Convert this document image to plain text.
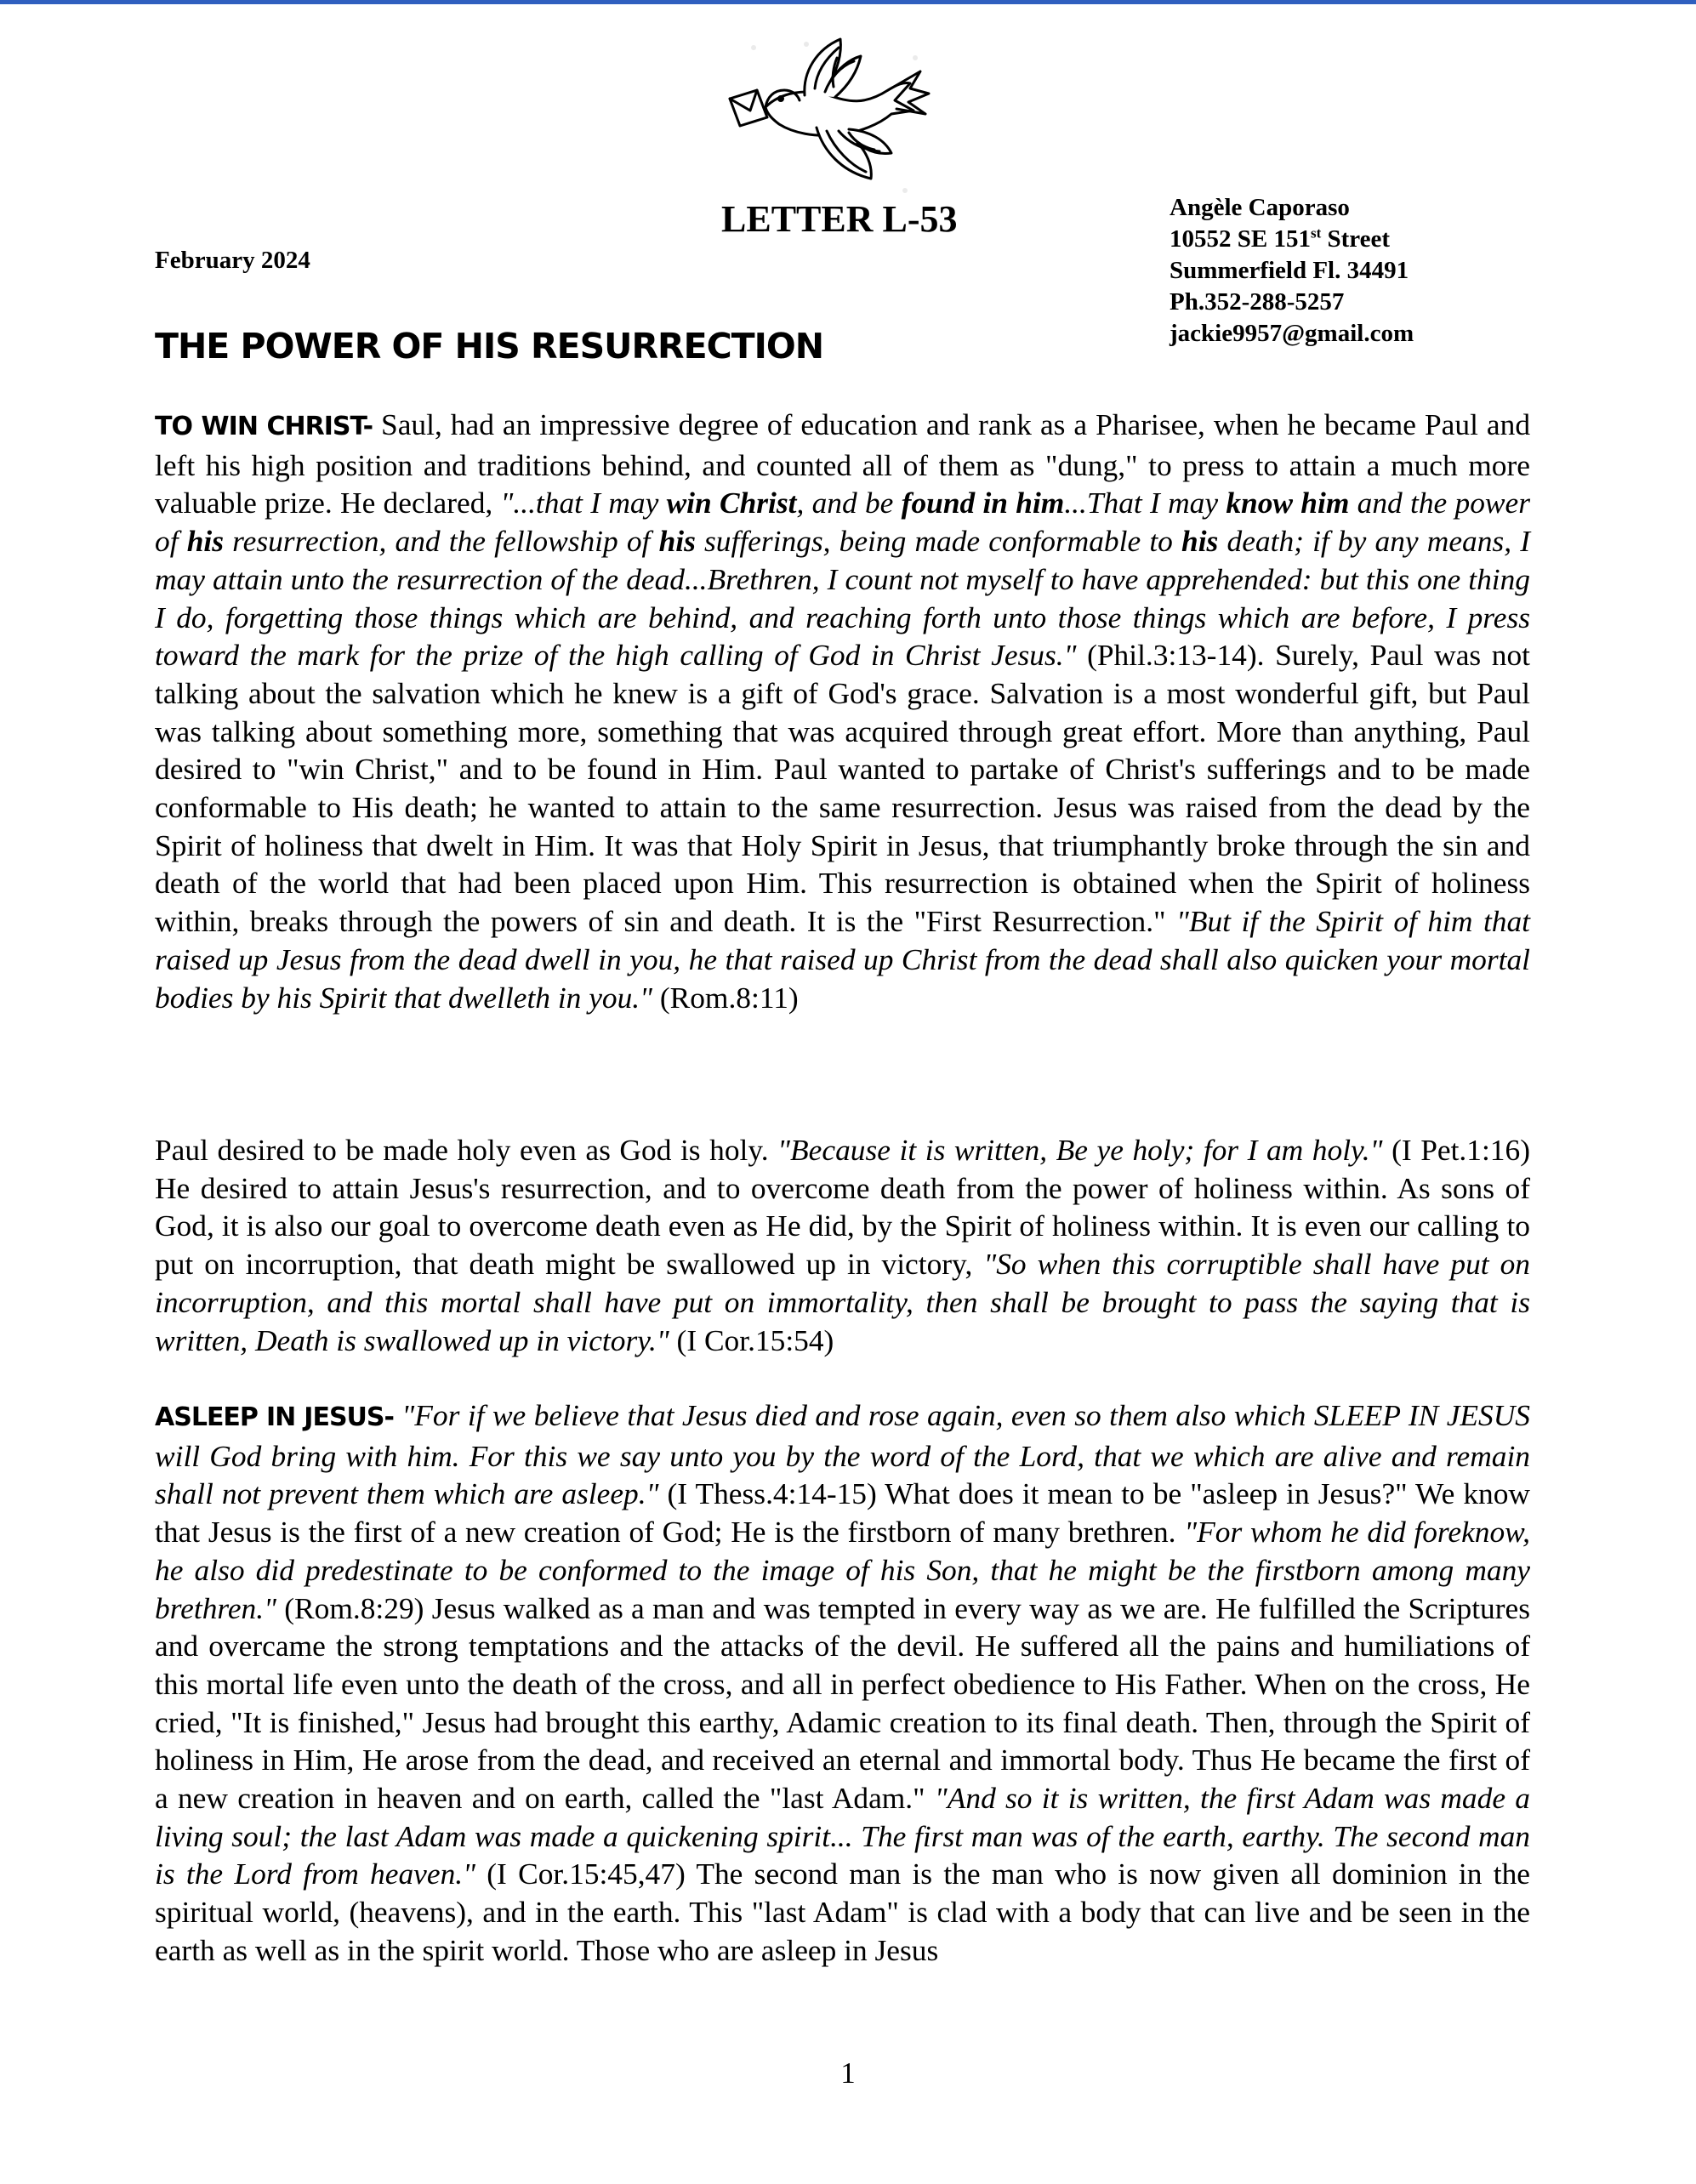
LETTER L-53
February 2024
Angèle Caporaso
10552 SE 151st Street
Summerfield Fl. 34491
Ph.352-288-5257
jackie9957@gmail.com
THE POWER OF HIS RESURRECTION
TO WIN CHRIST- Saul, had an impressive degree of education and rank as a Pharisee, when he became Paul and left his high position and traditions behind, and counted all of them as "dung," to press to attain a much more valuable prize. He declared, "...that I may win Christ, and be found in him...That I may know him and the power of his resurrection, and the fellowship of his sufferings, being made conformable to his death; if by any means, I may attain unto the resurrection of the dead...Brethren, I count not myself to have apprehended: but this one thing I do, forgetting those things which are behind, and reaching forth unto those things which are before, I press toward the mark for the prize of the high calling of God in Christ Jesus." (Phil.3:13-14). Surely, Paul was not talking about the salvation which he knew is a gift of God's grace. Salvation is a most wonderful gift, but Paul was talking about something more, something that was acquired through great effort. More than anything, Paul desired to "win Christ," and to be found in Him. Paul wanted to partake of Christ's sufferings and to be made conformable to His death; he wanted to attain to the same resurrection. Jesus was raised from the dead by the Spirit of holiness that dwelt in Him. It was that Holy Spirit in Jesus, that triumphantly broke through the sin and death of the world that had been placed upon Him. This resurrection is obtained when the Spirit of holiness within, breaks through the powers of sin and death. It is the "First Resurrection." "But if the Spirit of him that raised up Jesus from the dead dwell in you, he that raised up Christ from the dead shall also quicken your mortal bodies by his Spirit that dwelleth in you." (Rom.8:11)
Paul desired to be made holy even as God is holy. "Because it is written, Be ye holy; for I am holy." (I Pet.1:16) He desired to attain Jesus's resurrection, and to overcome death from the power of holiness within. As sons of God, it is also our goal to overcome death even as He did, by the Spirit of holiness within. It is even our calling to put on incorruption, that death might be swallowed up in victory, "So when this corruptible shall have put on incorruption, and this mortal shall have put on immortality, then shall be brought to pass the saying that is written, Death is swallowed up in victory." (I Cor.15:54)
ASLEEP IN JESUS- "For if we believe that Jesus died and rose again, even so them also which SLEEP IN JESUS will God bring with him. For this we say unto you by the word of the Lord, that we which are alive and remain shall not prevent them which are asleep." (I Thess.4:14-15) What does it mean to be "asleep in Jesus?" We know that Jesus is the first of a new creation of God; He is the firstborn of many brethren. "For whom he did foreknow, he also did predestinate to be conformed to the image of his Son, that he might be the firstborn among many brethren." (Rom.8:29) Jesus walked as a man and was tempted in every way as we are. He fulfilled the Scriptures and overcame the strong temptations and the attacks of the devil. He suffered all the pains and humiliations of this mortal life even unto the death of the cross, and all in perfect obedience to His Father. When on the cross, He cried, "It is finished," Jesus had brought this earthy, Adamic creation to its final death. Then, through the Spirit of holiness in Him, He arose from the dead, and received an eternal and immortal body. Thus He became the first of a new creation in heaven and on earth, called the "last Adam." "And so it is written, the first Adam was made a living soul; the last Adam was made a quickening spirit... The first man was of the earth, earthy. The second man is the Lord from heaven." (I Cor.15:45,47) The second man is the man who is now given all dominion in the spiritual world, (heavens), and in the earth. This "last Adam" is clad with a body that can live and be seen in the earth as well as in the spirit world. Those who are asleep in Jesus
1
